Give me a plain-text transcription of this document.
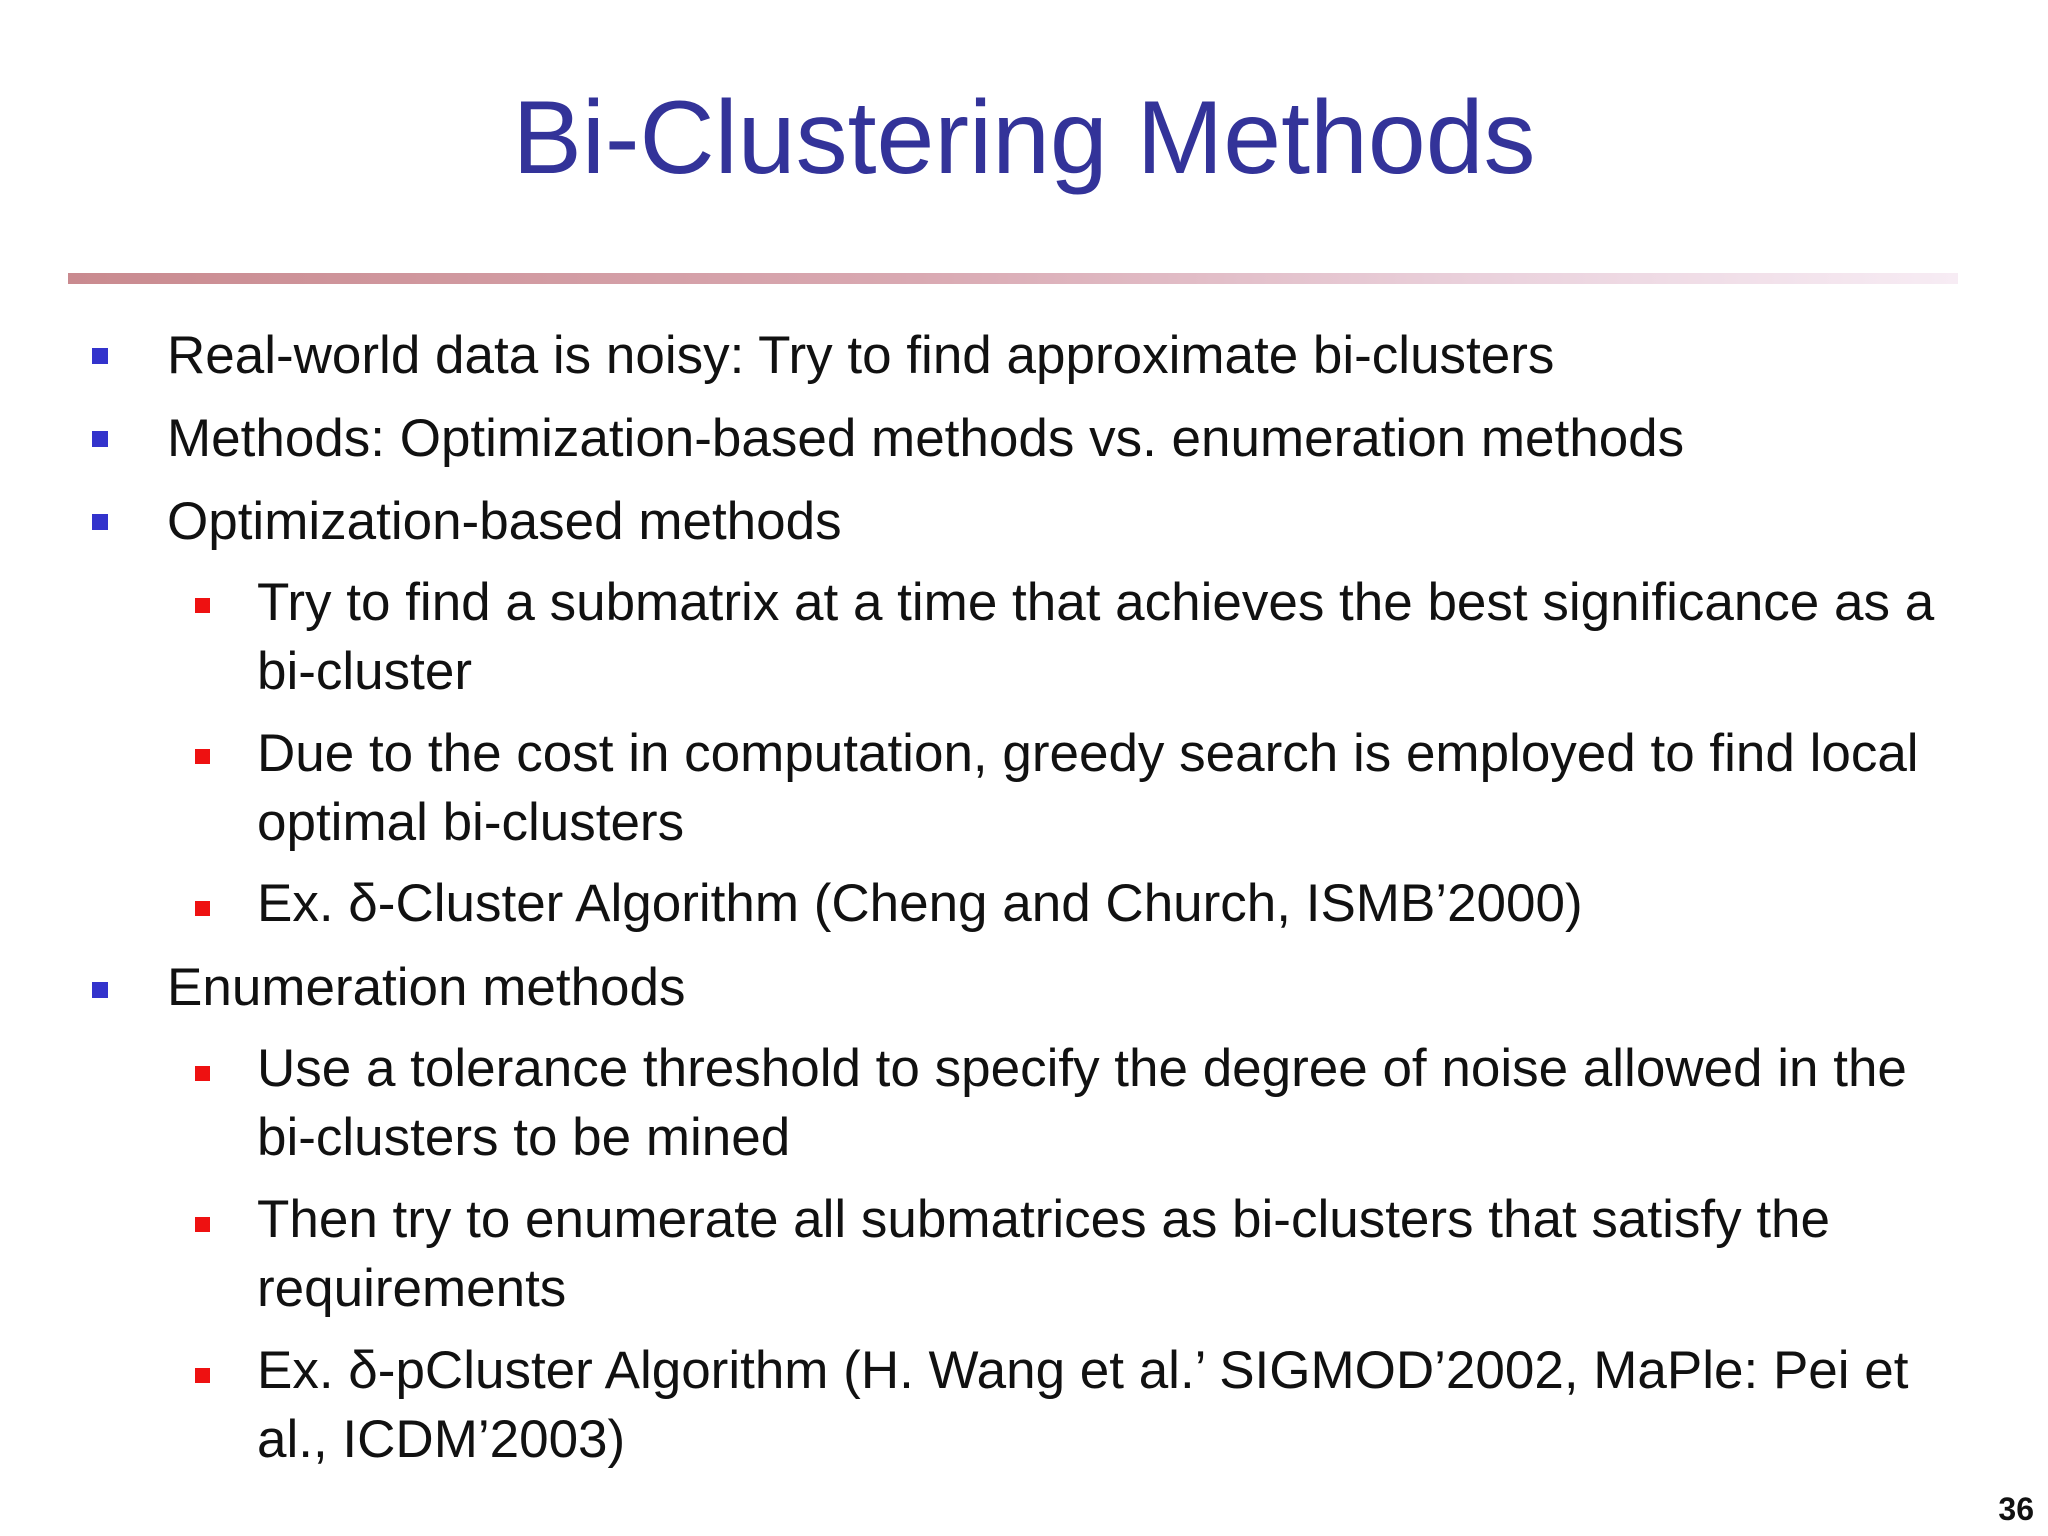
Bi-Clustering Methods
Real-world data is noisy: Try to find approximate bi-clusters
Methods: Optimization-based methods vs. enumeration methods
Optimization-based methods
Try to find a submatrix at a time that achieves the best significance as a bi-cluster
Due to the cost in computation, greedy search is employed to find local optimal bi-clusters
Ex. δ-Cluster Algorithm (Cheng and Church, ISMB’2000)
Enumeration methods
Use a tolerance threshold to specify the degree of noise allowed in the bi-clusters to be mined
Then try to enumerate all submatrices as bi-clusters that satisfy the requirements
Ex. δ-pCluster Algorithm (H. Wang et al.’ SIGMOD’2002, MaPle: Pei et al., ICDM’2003)
36
